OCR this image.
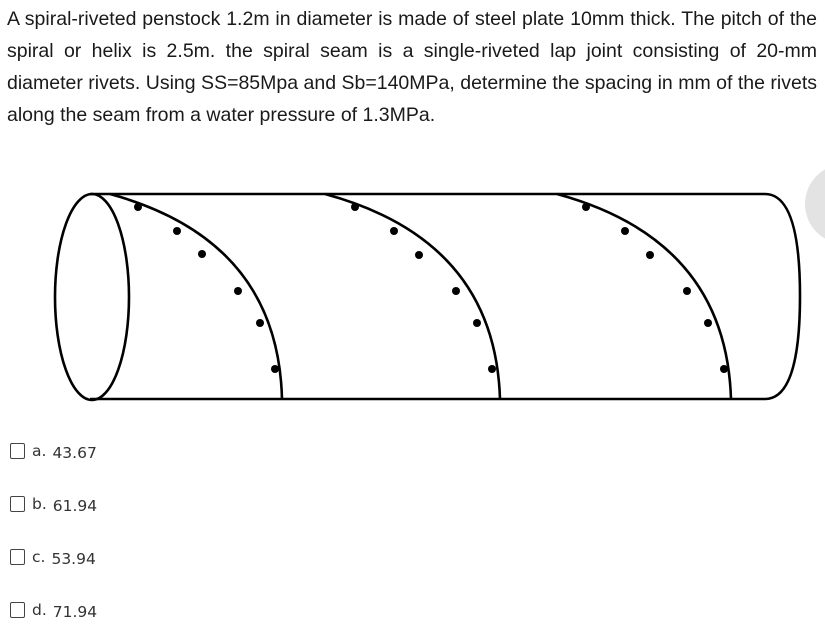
A spiral-riveted penstock 1.2m in diameter is made of steel plate 10mm thick. The pitch of the spiral or helix is 2.5m. the spiral seam is a single-riveted lap joint consisting of 20-mm diameter rivets. Using SS=85Mpa and Sb=140MPa, determine the spacing in mm of the rivets along the seam from a water pressure of 1.3MPa.

a. 43.67
b. 61.94
c. 53.94
d. 71.94
